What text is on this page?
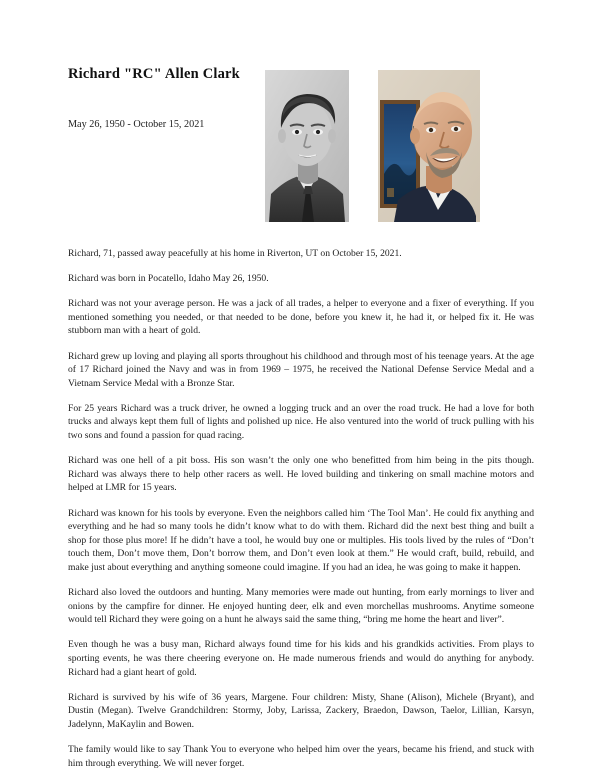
Richard "RC" Allen Clark

May 26, 1950 - October 15, 2021

Richard, 71, passed away peacefully at his home in Riverton, UT on October 15, 2021.

Richard was born in Pocatello, Idaho May 26, 1950.

Richard was not your average person. He was a jack of all trades, a helper to everyone and a fixer of everything. If you mentioned something you needed, or that needed to be done, before you knew it, he had it, or helped fix it. He was stubborn man with a heart of gold.

Richard grew up loving and playing all sports throughout his childhood and through most of his teenage years. At the age of 17 Richard joined the Navy and was in from 1969 – 1975, he received the National Defense Service Medal and a Vietnam Service Medal with a Bronze Star.

For 25 years Richard was a truck driver, he owned a logging truck and an over the road truck. He had a love for both trucks and always kept them full of lights and polished up nice. He also ventured into the world of truck pulling with his two sons and found a passion for quad racing.

Richard was one hell of a pit boss. His son wasn’t the only one who benefitted from him being in the pits though. Richard was always there to help other racers as well. He loved building and tinkering on small machine motors and helped at LMR for 15 years.

Richard was known for his tools by everyone. Even the neighbors called him ‘The Tool Man’. He could fix anything and everything and he had so many tools he didn’t know what to do with them. Richard did the next best thing and built a shop for those plus more! If he didn’t have a tool, he would buy one or multiples. His tools lived by the rules of “Don’t touch them, Don’t move them, Don’t borrow them, and Don’t even look at them.” He would craft, build, rebuild, and make just about everything and anything someone could imagine. If you had an idea, he was going to make it happen.

Richard also loved the outdoors and hunting. Many memories were made out hunting, from early mornings to liver and onions by the campfire for dinner. He enjoyed hunting deer, elk and even morchellas mushrooms. Anytime someone would tell Richard they were going on a hunt he always said the same thing, “bring me home the heart and liver”.

Even though he was a busy man, Richard always found time for his kids and his grandkids activities. From plays to sporting events, he was there cheering everyone on. He made numerous friends and would do anything for anybody. Richard had a giant heart of gold.

Richard is survived by his wife of 36 years, Margene. Four children: Misty, Shane (Alison), Michele (Bryant), and Dustin (Megan). Twelve Grandchildren: Stormy, Joby, Larissa, Zackery, Braedon, Dawson, Taelor, Lillian, Karsyn, Jadelynn, MaKaylin and Bowen.

The family would like to say Thank You to everyone who helped him over the years, became his friend, and stuck with him through everything. We will never forget.
